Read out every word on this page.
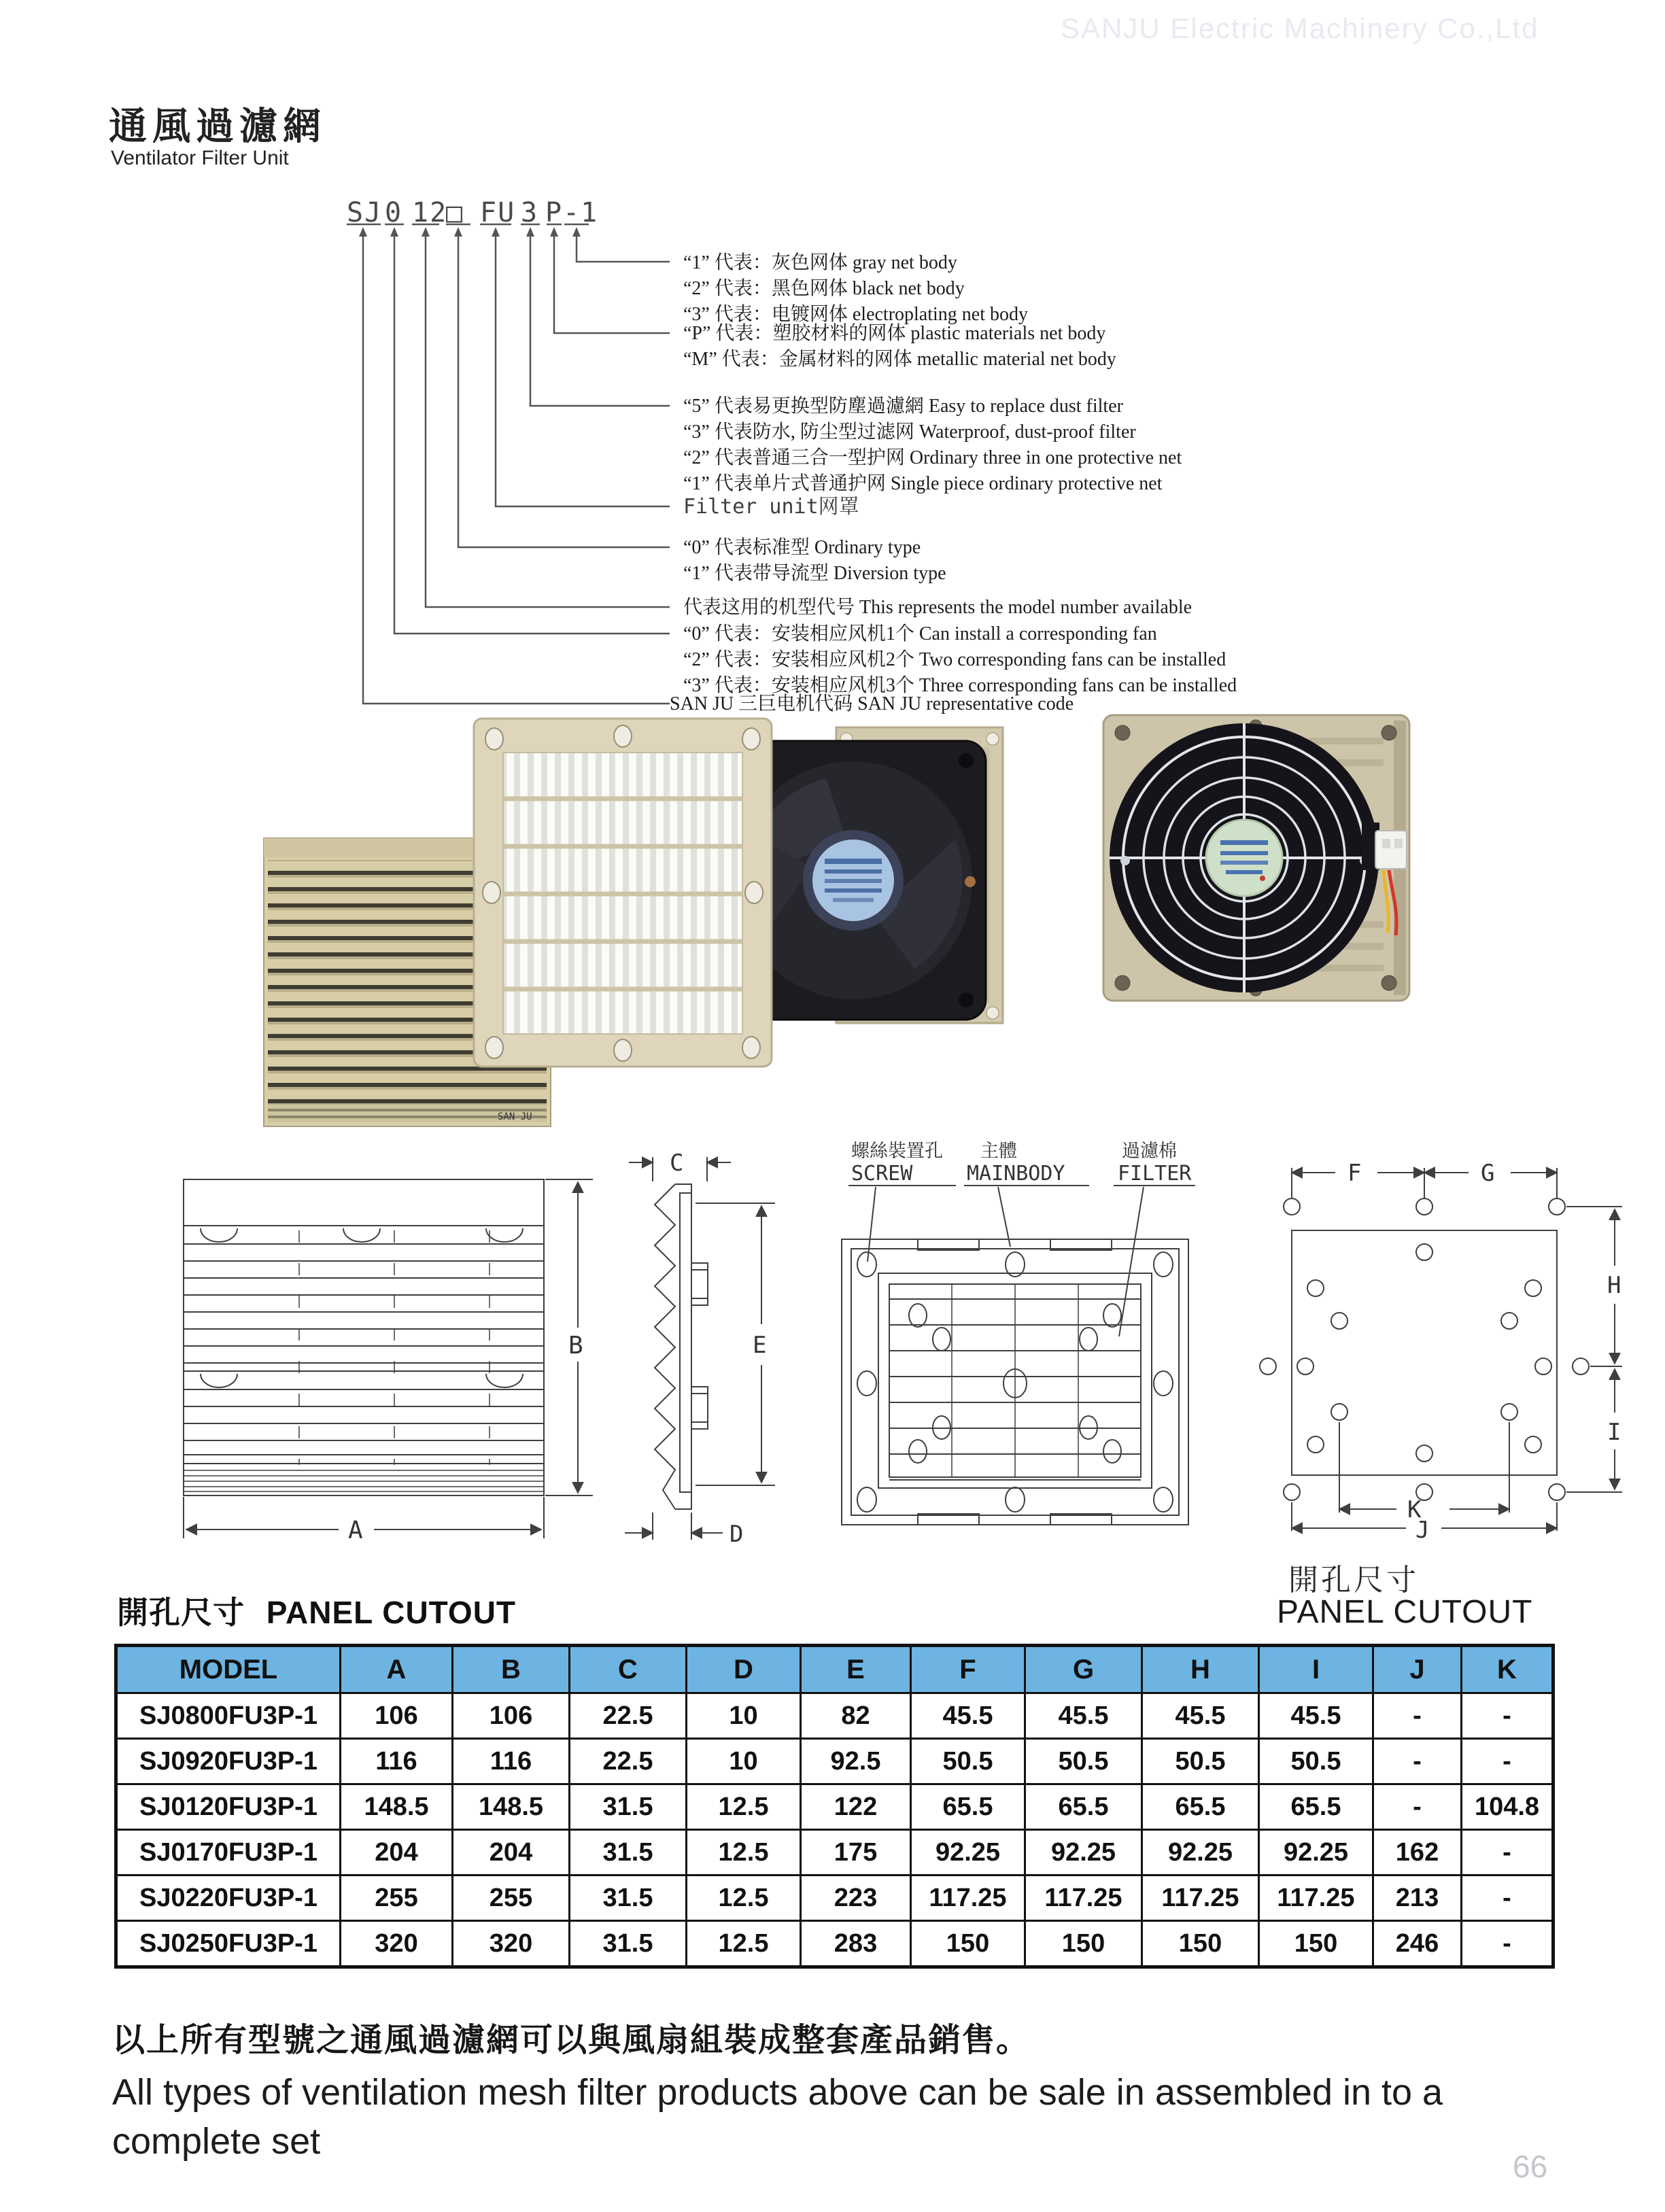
SANJU Electric Machinery Co.,Ltd
通風過濾網
Ventilator Filter Unit
SJ 0 12
□ FU 3 P-1
“1” 代表：灰色网体 gray net body
“2” 代表：黑色网体 black net body
“3” 代表：电镀网体 electroplating net body
“P” 代表：塑胶材料的网体 plastic materials net body
“M” 代表：金属材料的网体 metallic material net body
“5” 代表易更换型防塵過濾網 Easy to replace dust filter
“3” 代表防水, 防尘型过滤网 Waterproof, dust-proof filter
“2” 代表普通三合一型护网 Ordinary three in one protective net
“1” 代表单片式普通护网 Single piece ordinary protective net
Filter unit网罩
“0” 代表标准型 Ordinary type
“1” 代表带导流型 Diversion type
代表这用的机型代号 This represents the model number available
“0” 代表：安装相应风机1个 Can install a corresponding fan
“2” 代表：安装相应风机2个 Two corresponding fans can be installed
“3” 代表：安装相应风机3个 Three corresponding fans can be installed
SAN JU 三巨电机代码 SAN JU representative code
SAN JU
B
A
C
E
D
螺絲裝置孔
SCREW
主體
MAINBODY
過濾棉
FILTER	F	G
H
I
K
J
開孔尺寸
PANEL CUTOUT
開孔尺寸 PANEL CUTOUT
MODEL	A	B	C	D	E	F	G	H	I	J	K
SJ0800FU3P-1	106	106	22.5	10	82	45.5	45.5	45.5	45.5	-	-
SJ0920FU3P-1	116	116	22.5	10	92.5	50.5	50.5	50.5	50.5	-	-
SJ0120FU3P-1	148.5	148.5	31.5	12.5	122	65.5	65.5	65.5	65.5	-	104.8
SJ0170FU3P-1	204	204	31.5	12.5	175	92.25	92.25	92.25	92.25	162	-
SJ0220FU3P-1	255	255	31.5	12.5	223	117.25	117.25	117.25	117.25	213	-
SJ0250FU3P-1	320	320	31.5	12.5	283	150	150	150	150	246	-
以上所有型號之通風過濾網可以與風扇組裝成整套產品銷售。
All types of ventilation mesh filter products above can be sale in assembled in to a complete set
66
